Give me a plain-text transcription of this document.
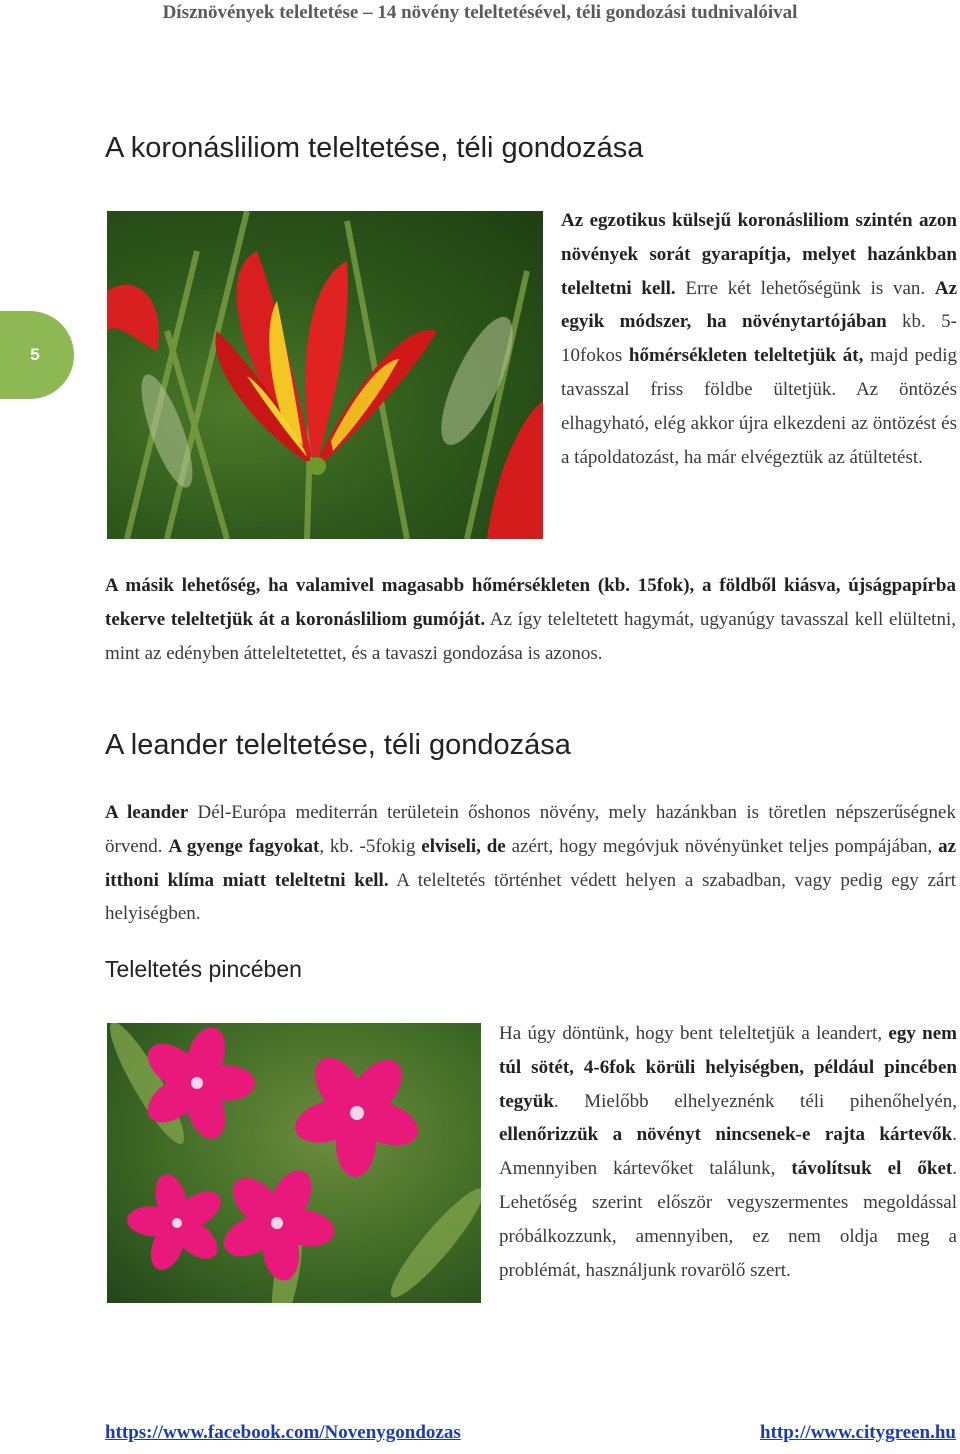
Dísznövények teleltetése – 14 növény teleltetésével, téli gondozási tudnivalóival
5
A koronásliliom teleltetése, téli gondozása
Az egzotikus külsejű koronásliliom szintén azon növények sorát gyarapítja, melyet hazánkban teleltetni kell. Erre két lehetőségünk is van. Az egyik módszer, ha növénytartójában kb. 5-10fokos hőmérsékleten teleltetjük át, majd pedig tavasszal friss földbe ültetjük. Az öntözés elhagyható, elég akkor újra elkezdeni az öntözést és a tápoldatozást, ha már elvégeztük az átültetést.
A másik lehetőség, ha valamivel magasabb hőmérsékleten (kb. 15fok), a földből kiásva, újságpapírba tekerve teleltetjük át a koronásliliom gumóját. Az így teleltetett hagymát, ugyanúgy tavasszal kell elültetni, mint az edényben átteleltetettet, és a tavaszi gondozása is azonos.
A leander teleltetése, téli gondozása
A leander Dél-Európa mediterrán területein őshonos növény, mely hazánkban is töretlen népszerűségnek örvend. A gyenge fagyokat, kb. -5fokig elviseli, de azért, hogy megóvjuk növényünket teljes pompájában, az itthoni klíma miatt teleltetni kell. A teleltetés történhet védett helyen a szabadban, vagy pedig egy zárt helyiségben.
Teleltetés pincében
Ha úgy döntünk, hogy bent teleltetjük a leandert, egy nem túl sötét, 4-6fok körüli helyiségben, például pincében tegyük. Mielőbb elhelyeznénk téli pihenőhelyén, ellenőrizzük a növényt nincsenek-e rajta kártevők. Amennyiben kártevőket találunk, távolítsuk el őket. Lehetőség szerint először vegyszermentes megoldással próbálkozzunk, amennyiben, ez nem oldja meg a problémát, használjunk rovarölő szert.
https://www.facebook.com/Novenygondozas	http://www.citygreen.hu
